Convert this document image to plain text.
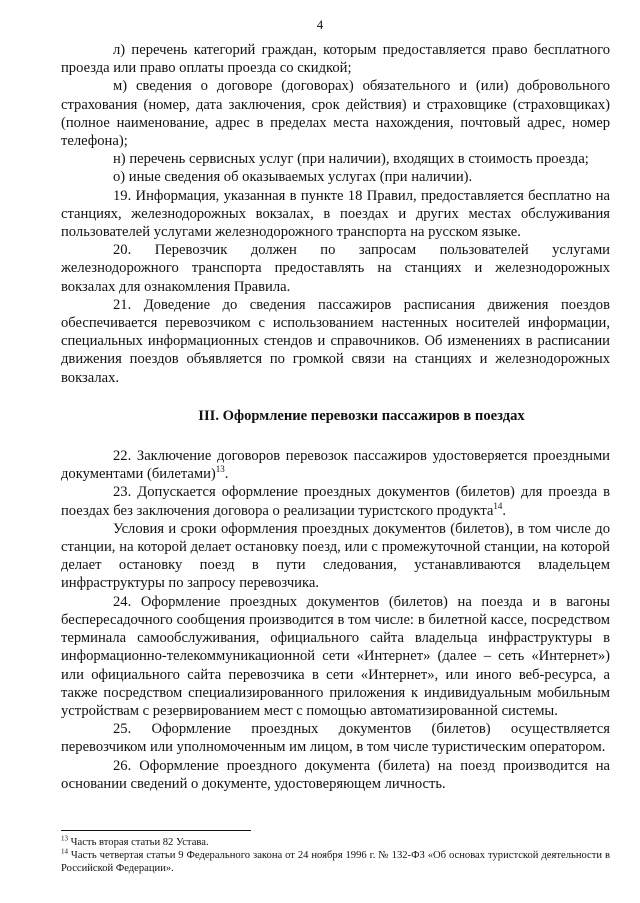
4

л) перечень категорий граждан, которым предоставляется право бесплатного проезда или право оплаты проезда со скидкой;

м) сведения о договоре (договорах) обязательного и (или) добровольного страхования (номер, дата заключения, срок действия) и страховщике (страховщиках) (полное наименование, адрес в пределах места нахождения, почтовый адрес, номер телефона);

н) перечень сервисных услуг (при наличии), входящих в стоимость проезда;

о) иные сведения об оказываемых услугах (при наличии).

19. Информация, указанная в пункте 18 Правил, предоставляется бесплатно на станциях, железнодорожных вокзалах, в поездах и других местах обслуживания пользователей услугами железнодорожного транспорта на русском языке.

20. Перевозчик должен по запросам пользователей услугами железнодорожного транспорта предоставлять на станциях и железнодорожных вокзалах для ознакомления Правила.

21. Доведение до сведения пассажиров расписания движения поездов обеспечивается перевозчиком с использованием настенных носителей информации, специальных информационных стендов и справочников. Об изменениях в расписании движения поездов объявляется по громкой связи на станциях и железнодорожных вокзалах.

III. Оформление перевозки пассажиров в поездах

22. Заключение договоров перевозок пассажиров удостоверяется проездными документами (билетами)$^{13}$.

23. Допускается оформление проездных документов (билетов) для проезда в поездах без заключения договора о реализации туристского продукта$^{14}$.

Условия и сроки оформления проездных документов (билетов), в том числе до станции, на которой делает остановку поезд, или с промежуточной станции, на которой делает остановку поезд в пути следования, устанавливаются владельцем инфраструктуры по запросу перевозчика.

24. Оформление проездных документов (билетов) на поезда и в вагоны беспересадочного сообщения производится в том числе: в билетной кассе, посредством терминала самообслуживания, официального сайта владельца инфраструктуры в информационно-телекоммуникационной сети «Интернет» (далее – сеть «Интернет») или официального сайта перевозчика в сети «Интернет», или иного веб-ресурса, а также посредством специализированного приложения к индивидуальным мобильным устройствам с резервированием мест с помощью автоматизированной системы.

25. Оформление проездных документов (билетов) осуществляется перевозчиком или уполномоченным им лицом, в том числе туристическим оператором.

26. Оформление проездного документа (билета) на поезд производится на основании сведений о документе, удостоверяющем личность.

$^{13}$ Часть вторая статьи 82 Устава.

$^{14}$ Часть четвертая статьи 9 Федерального закона от 24 ноября 1996 г. № 132-ФЗ «Об основах туристской деятельности в Российской Федерации».
